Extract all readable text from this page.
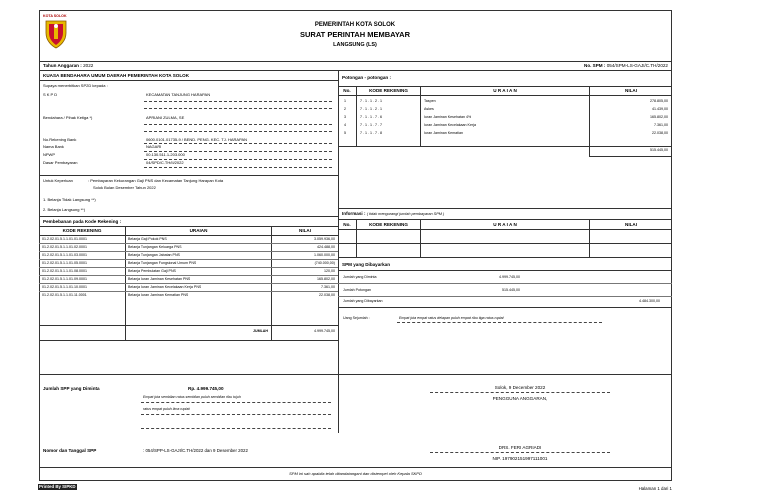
KOTA SOLOK
PEMERINTAH KOTA SOLOK
SURAT PERINTAH MEMBAYAR
LANGSUNG (LS)
Tahun Anggaran : 2022	No. SPM : 054/SPM-LS-GAJI/C.TH/2022
KUASA BENDAHARA UMUM DAERAH PEMERINTAH KOTA SOLOK
Supaya menerbitkan SP2D kepada :
S K P D	KECAMATAN TANJUNG HARAPAN
Bendahara / Pihak Ketiga *)	APRIANI ZULMA, SE
No.Rekening Bank	0600.0101.01735-9 / BEND. PENG. KEC. TJ. HARAPAN
Nama Bank	NAGARI
NPWP	00.130.511.1-203.000
Dasar Pembayaran	04/SPD/C.TH/II/2022
Untuk Keperluan	: Pembayaran Kekurangan Gaji PNS dan Kecamatan Tanjung Harapan Kota
Solok Bulan Desember Tahun 2022
1. Belanja Tidak Langsung **)
2. Belanja Langsung **)
Pembebanan pada Kode Rekening :
KODE REKENING	URAIAN	NILAI
01.2.02.01.5.1.1.01.01.0001	Belanja Gaji Pokok PNS	3.059.936,00
01.2.02.01.5.1.1.01.02.0001	Belanja Tunjangan Keluarga PNS	424.488,00
01.2.02.01.5.1.1.01.03.0001	Belanja Tunjangan Jabatan PNS	1.060.000,00
01.2.02.01.5.1.1.01.05.0001	Belanja Tunjangan Fungsional Umum PNS	(740.000,00)
01.2.02.01.5.1.1.01.08.0001	Belanja Pembulatan Gaji PNS	120,00
01.2.02.01.5.1.1.01.09.0001	Belanja Iuran Jaminan Kesehatan PNS	165.802,00
01.2.02.01.5.1.1.01.10.0001	Belanja Iuran Jaminan Kecelakaan Kerja PNS	7.361,00
01.2.02.01.5.1.1.01.11.0001	Belanja Iuran Jaminan Kematian PNS	22.038,00
JUMLAH	4.999.745,00
Potongan - potongan :
No.	KODE REKENING	U R A I A N	NILAI
1	7 . 1 . 1 . 2 . 1	Taspen	278.805,00
2	7 . 1 . 1 . 2 . 1	Askes	41.439,00
3	7 . 1 . 1 . 7 . 6	Iuran Jaminan Kesehatan 4%	165.802,00
4	7 . 1 . 1 . 7 . 7	Iuran Jaminan Kecelakaan Kerja	7.361,00
5	7 . 1 . 1 . 7 . 8	Iuran Jaminan Kematian	22.038,00
515.445,00
Informasi : ( tidak mengurangi jumlah pembayaran SPM )
No.	KODE REKENING	U R A I A N	NILAI
SPM yang Dibayarkan
Jumlah yang Diminta	4.999.745,00
Jumlah Potongan	515.445,00
Jumlah yang Dibayarkan	4.484.300,00
Uang Sejumlah :	Empat juta empat ratus delapan puluh empat ribu tiga ratus rupiah
Jumlah SPP yang Diminta	Rp. 4.999.745,00
Empat juta sembilan ratus sembilan puluh sembilan ribu tujuh
ratus empat puluh lima rupiah
Nomor dan Tanggal SPP	: 054/SPP-LS-GAJI/C.TH/2022 dan 9 Desember 2022
Solok, 9 December 2022
PENGGUNA ANGGARAN,
DRS. FERI AGRIADI
NIP. 197902151997111001
SPM ini sah apabila telah ditandatangani dan distempel oleh Kepala SKPD
Printed By SIPKD	Halaman 1 dari 1
